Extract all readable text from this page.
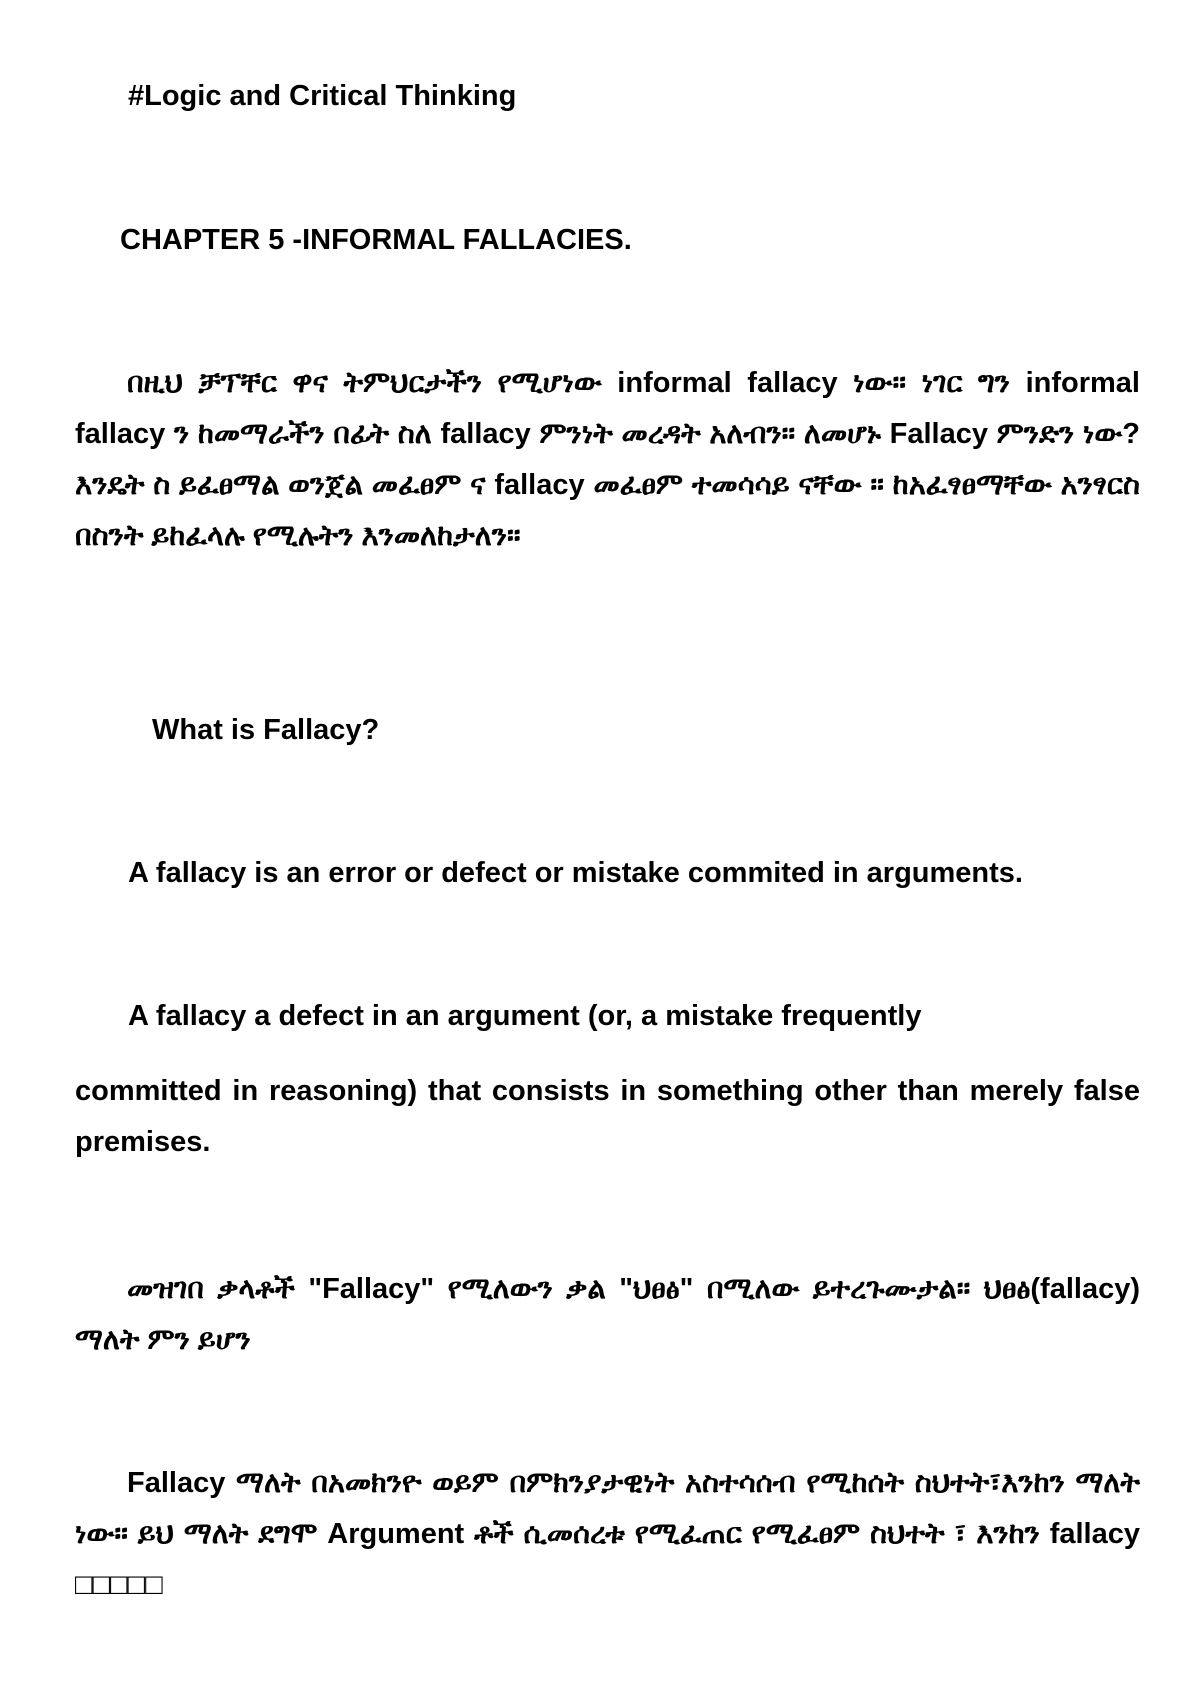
#Logic and Critical Thinking
CHAPTER 5 -INFORMAL FALLACIES.
በዚህ ቻፕቸር ዋና ትምህርታችን የሚሆነው informal fallacy ነው። ነገር ግን informal fallacy ን ከመማራችን በፊት ስለ fallacy ምንነት መረዳት አለብን። ለመሆኑ Fallacy ምንድን ነው? እንዴት ስ ይፈፀማል ወንጀል መፈፀም ና fallacy መፈፀም ተመሳሳይ ናቸው ። ከአፈፃፀማቸው አንፃርስ በስንት ይከፈላሉ የሚሉትን እንመለከታለን።
What is Fallacy?
A fallacy is an error or defect or mistake commited in arguments.
A fallacy a defect in an argument (or, a mistake frequently
committed in reasoning) that consists in something other than merely false premises.
መዝገበ ቃላቶች "Fallacy" የሚለውን ቃል "ህፀፅ" በሚለው ይተረጉሙታል። ህፀፅ(fallacy) ማለት ምን ይሆን
Fallacy ማለት በአመክንዮ ወይም በምክንያታዊነት አስተሳሰብ የሚከሰት ስህተት፣እንከን ማለት ነው። ይህ ማለት ደግሞ Argument ቶች ሲመሰረቱ የሚፈጠር የሚፈፀም ስህተት ፣ እንከን fallacy □□□□□
